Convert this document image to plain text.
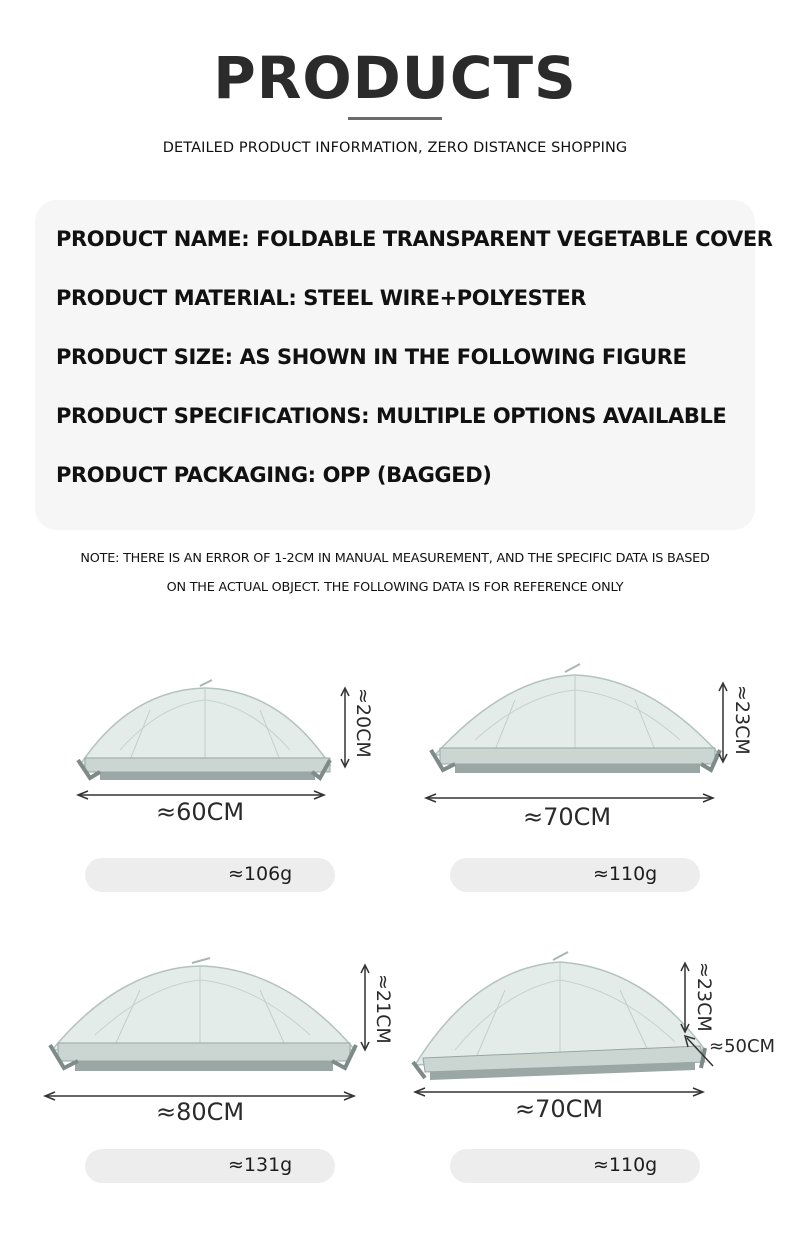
PRODUCTS
DETAILED PRODUCT INFORMATION, ZERO DISTANCE SHOPPING
PRODUCT NAME: FOLDABLE TRANSPARENT VEGETABLE COVER
PRODUCT MATERIAL: STEEL WIRE+POLYESTER
PRODUCT SIZE: AS SHOWN IN THE FOLLOWING FIGURE
PRODUCT SPECIFICATIONS: MULTIPLE OPTIONS AVAILABLE
PRODUCT PACKAGING: OPP (BAGGED)
NOTE: THERE IS AN ERROR OF 1-2CM IN MANUAL MEASUREMENT, AND THE SPECIFIC DATA IS BASED
ON THE ACTUAL OBJECT. THE FOLLOWING DATA IS FOR REFERENCE ONLY
≈20CM
≈60CM
≈106g
≈23CM
≈70CM
≈110g
≈21CM
≈80CM
≈131g
≈23CM
≈50CM
≈70CM
≈110g
